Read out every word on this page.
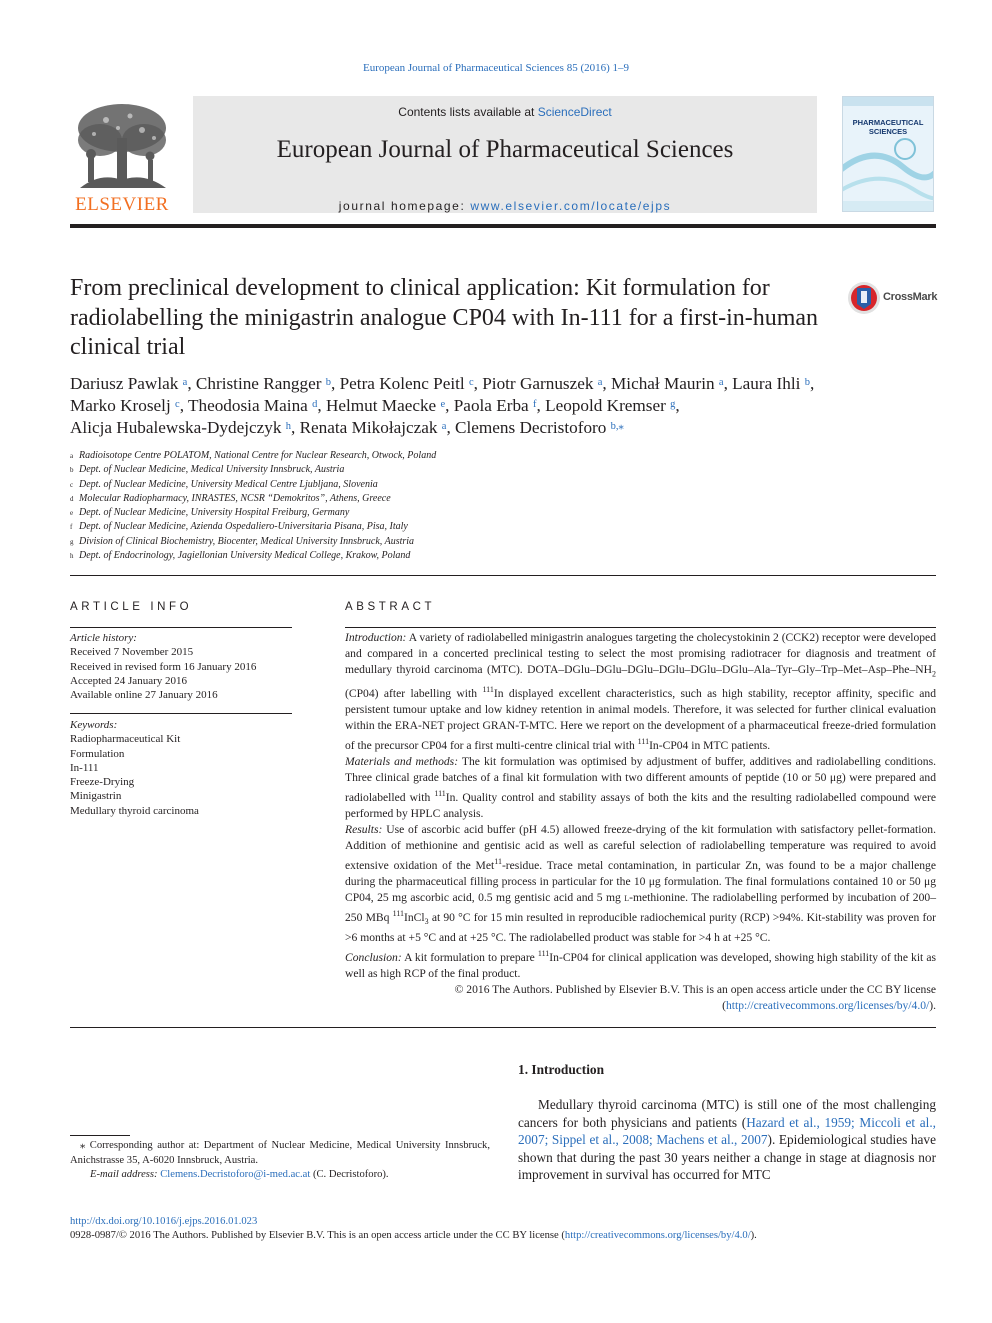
European Journal of Pharmaceutical Sciences 85 (2016) 1–9
ELSEVIER
Contents lists available at ScienceDirect
European Journal of Pharmaceutical Sciences
journal homepage: www.elsevier.com/locate/ejps
PHARMACEUTICAL SCIENCES
From preclinical development to clinical application: Kit formulation for radiolabelling the minigastrin analogue CP04 with In-111 for a first-in-human clinical trial
CrossMark
Dariusz Pawlak $^a$, Christine Rangger $^b$, Petra Kolenc Peitl $^c$, Piotr Garnuszek $^a$, Michał Maurin $^a$, Laura Ihli $^b$,
Marko Kroselj $^c$, Theodosia Maina $^d$, Helmut Maecke $^e$, Paola Erba $^f$, Leopold Kremser $^g$,
Alicja Hubalewska-Dydejczyk $^h$, Renata Mikołajczak $^a$, Clemens Decristoforo $^{b,⁎}$
$^a$ Radioisotope Centre POLATOM, National Centre for Nuclear Research, Otwock, Poland
$^b$ Dept. of Nuclear Medicine, Medical University Innsbruck, Austria
$^c$ Dept. of Nuclear Medicine, University Medical Centre Ljubljana, Slovenia
$^d$ Molecular Radiopharmacy, INRASTES, NCSR “Demokritos”, Athens, Greece
$^e$ Dept. of Nuclear Medicine, University Hospital Freiburg, Germany
$^f$ Dept. of Nuclear Medicine, Azienda Ospedaliero-Universitaria Pisana, Pisa, Italy
$^g$ Division of Clinical Biochemistry, Biocenter, Medical University Innsbruck, Austria
$^h$ Dept. of Endocrinology, Jagiellonian University Medical College, Krakow, Poland
ARTICLE INFO
Article history:
Received 7 November 2015
Received in revised form 16 January 2016
Accepted 24 January 2016
Available online 27 January 2016
Keywords:
Radiopharmaceutical Kit
Formulation
In-111
Freeze-Drying
Minigastrin
Medullary thyroid carcinoma
ABSTRACT

Introduction: A variety of radiolabelled minigastrin analogues targeting the cholecystokinin 2 (CCK2) receptor were developed and compared in a concerted preclinical testing to select the most promising radiotracer for diagnosis and treatment of medullary thyroid carcinoma (MTC). DOTA–$DGlu-DGlu-DGlu-DGlu-DGlu-DGlu-Ala-Tyr-Gly-Trp-Met-Asp-Phe-NH_2$ (CP04) after labelling with $^{111}$In displayed excellent characteristics, such as high stability, receptor affinity, specific and persistent tumour uptake and low kidney retention in animal models. Therefore, it was selected for further clinical evaluation within the ERA-NET project GRAN-T-MTC. Here we report on the development of a pharmaceutical freeze-dried formulation of the precursor CP04 for a first multi-centre clinical trial with $^{111}$In-CP04 in MTC patients.

Materials and methods: The kit formulation was optimised by adjustment of buffer, additives and radiolabelling conditions. Three clinical grade batches of a final kit formulation with two different amounts of peptide (10 or 50 μg) were prepared and radiolabelled with $^{111}$In. Quality control and stability assays of both the kits and the resulting radiolabelled compound were performed by HPLC analysis.

Results: Use of ascorbic acid buffer (pH 4.5) allowed freeze-drying of the kit formulation with satisfactory pellet-formation. Addition of methionine and gentisic acid as well as careful selection of radiolabelling temperature was required to avoid extensive oxidation of the Met$^{11}$-residue. Trace metal contamination, in particular Zn, was found to be a major challenge during the pharmaceutical filling process in particular for the 10 μg formulation. The final formulations contained 10 or 50 μg CP04, 25 mg ascorbic acid, 0.5 mg gentisic acid and 5 mg l-methionine. The radiolabelling performed by incubation of 200–250 MBq $^{111}$InCl$_3$ at 90 °C for 15 min resulted in reproducible radiochemical purity (RCP) >94%. Kit-stability was proven for >6 months at +5 °C and at +25 °C. The radiolabelled product was stable for >4 h at +25 °C.

Conclusion: A kit formulation to prepare $^{111}$In-CP04 for clinical application was developed, showing high stability of the kit as well as high RCP of the final product.

© 2016 The Authors. Published by Elsevier B.V. This is an open access article under the CC BY license
(http://creativecommons.org/licenses/by/4.0/).

1. Introduction

Medullary thyroid carcinoma (MTC) is still one of the most challenging cancers for both physicians and patients (Hazard et al., 1959; Miccoli et al., 2007; Sippel et al., 2008; Machens et al., 2007). Epidemiological studies have shown that during the past 30 years neither a change in stage at diagnosis nor improvement in survival has occurred for MTC

⁎ Corresponding author at: Department of Nuclear Medicine, Medical University Innsbruck, Anichstrasse 35, A-6020 Innsbruck, Austria.
E-mail address: Clemens.Decristoforo@i-med.ac.at (C. Decristoforo).
http://dx.doi.org/10.1016/j.ejps.2016.01.023
0928-0987/© 2016 The Authors. Published by Elsevier B.V. This is an open access article under the CC BY license (http://creativecommons.org/licenses/by/4.0/).
